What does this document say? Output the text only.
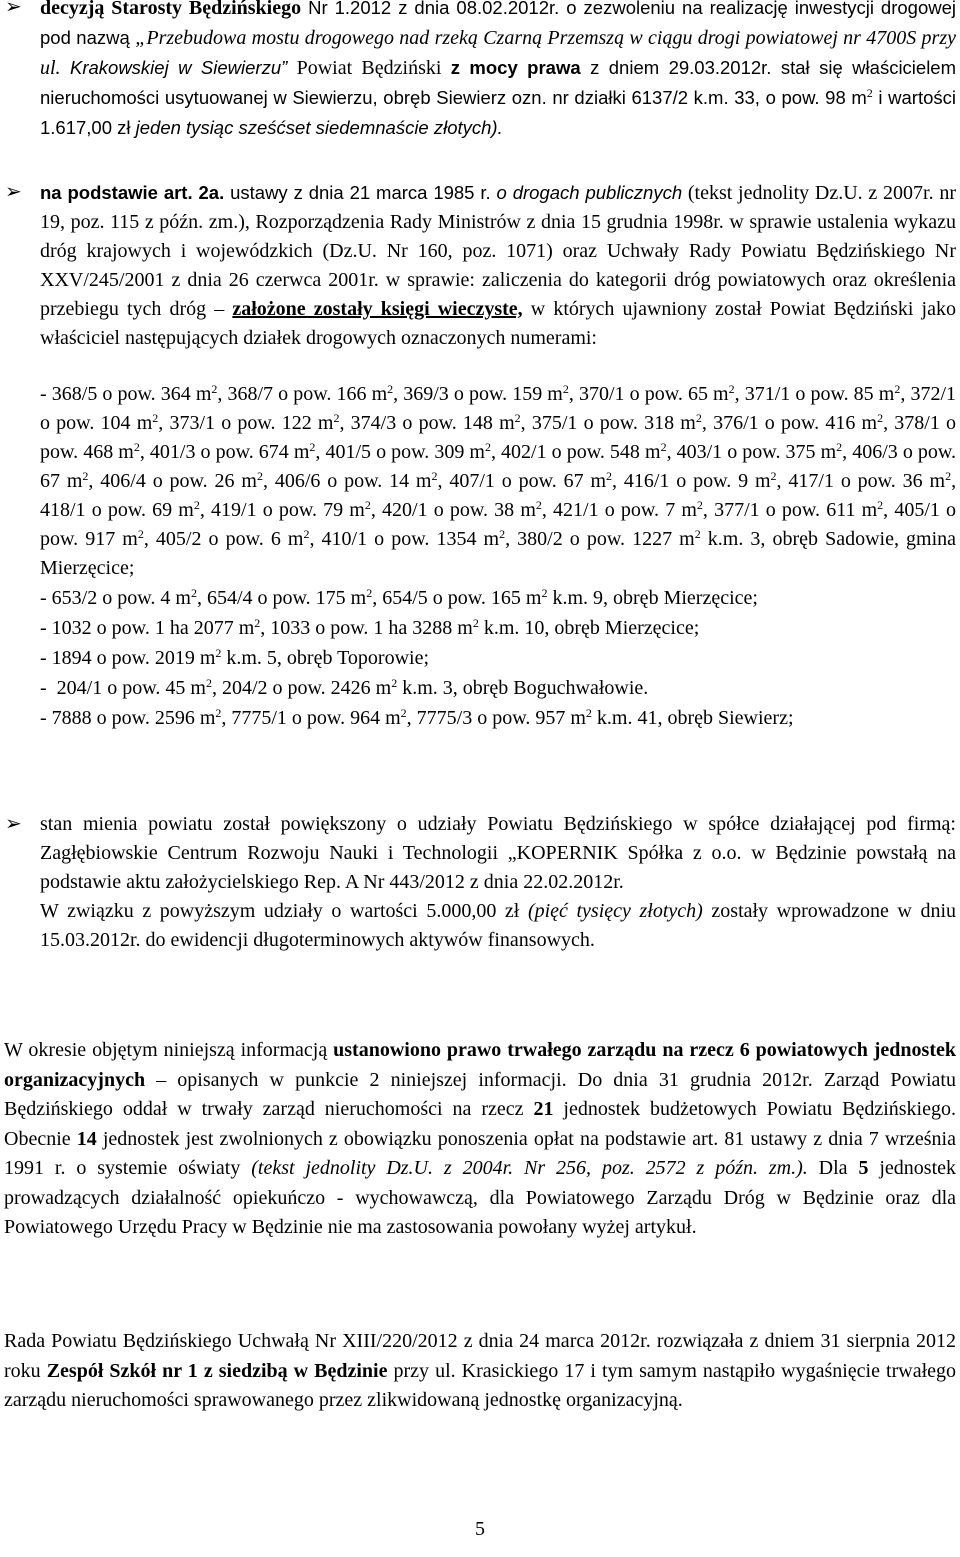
➢ decyzją Starosty Będzińskiego Nr 1.2012 z dnia 08.02.2012r. o zezwoleniu na realizację inwestycji drogowej pod nazwą „Przebudowa mostu drogowego nad rzeką Czarną Przemszą w ciągu drogi powiatowej nr 4700S przy ul. Krakowskiej w Siewierzu” Powiat Będziński z mocy prawa z dniem 29.03.2012r. stał się właścicielem nieruchomości usytuowanej w Siewierzu, obręb Siewierz ozn. nr działki 6137/2 k.m. 33, o pow. 98 $m^2$ i wartości 1.617,00 zł jeden tysiąc sześćset siedemnaście złotych).
➢ na podstawie art. 2a. ustawy z dnia 21 marca 1985 r. o drogach publicznych (tekst jednolity Dz.U. z 2007r. nr 19, poz. 115 z późn. zm.), Rozporządzenia Rady Ministrów z dnia 15 grudnia 1998r. w sprawie ustalenia wykazu dróg krajowych i wojewódzkich (Dz.U. Nr 160, poz. 1071) oraz Uchwały Rady Powiatu Będzińskiego Nr XXV/245/2001 z dnia 26 czerwca 2001r. w sprawie: zaliczenia do kategorii dróg powiatowych oraz określenia przebiegu tych dróg – założone zostały księgi wieczyste, w których ujawniony został Powiat Będziński jako właściciel następujących działek drogowych oznaczonych numerami:

- 368/5 o pow. 364 $m^2$, 368/7 o pow. 166 $m^2$, 369/3 o pow. 159 $m^2$, 370/1 o pow. 65 $m^2$, 371/1 o pow. 85 $m^2$, 372/1 o pow. 104 $m^2$, 373/1 o pow. 122 $m^2$, 374/3 o pow. 148 $m^2$, 375/1 o pow. 318 $m^2$, 376/1 o pow. 416 $m^2$, 378/1 o pow. 468 $m^2$, 401/3 o pow. 674 $m^2$, 401/5 o pow. 309 $m^2$, 402/1 o pow. 548 $m^2$, 403/1 o pow. 375 $m^2$, 406/3 o pow. 67 $m^2$, 406/4 o pow. 26 $m^2$, 406/6 o pow. 14 $m^2$, 407/1 o pow. 67 $m^2$, 416/1 o pow. 9 $m^2$, 417/1 o pow. 36 $m^2$, 418/1 o pow. 69 $m^2$, 419/1 o pow. 79 $m^2$, 420/1 o pow. 38 $m^2$, 421/1 o pow. 7 $m^2$, 377/1 o pow. 611 $m^2$, 405/1 o pow. 917 $m^2$, 405/2 o pow. 6 $m^2$, 410/1 o pow. 1354 $m^2$, 380/2 o pow. 1227 $m^2$ k.m. 3, obręb Sadowie, gmina Mierzęcice;

- 653/2 o pow. 4 $m^2$, 654/4 o pow. 175 $m^2$, 654/5 o pow. 165 $m^2$ k.m. 9, obręb Mierzęcice;

- 1032 o pow. 1 ha 2077 $m^2$, 1033 o pow. 1 ha 3288 $m^2$ k.m. 10, obręb Mierzęcice;

- 1894 o pow. 2019 $m^2$ k.m. 5, obręb Toporowie;

-  204/1 o pow. 45 $m^2$, 204/2 o pow. 2426 $m^2$ k.m. 3, obręb Boguchwałowie.

- 7888 o pow. 2596 $m^2$, 7775/1 o pow. 964 $m^2$, 7775/3 o pow. 957 $m^2$ k.m. 41, obręb Siewierz;

➢ stan mienia powiatu został powiększony o udziały Powiatu Będzińskiego w spółce działającej pod firmą: Zagłębiowskie Centrum Rozwoju Nauki i Technologii „KOPERNIK Spółka z o.o. w Będzinie powstałą na podstawie aktu założycielskiego Rep. A Nr 443/2012 z dnia 22.02.2012r.
W związku z powyższym udziały o wartości 5.000,00 zł (pięć tysięcy złotych) zostały wprowadzone w dniu 15.03.2012r. do ewidencji długoterminowych aktywów finansowych.
W okresie objętym niniejszą informacją ustanowiono prawo trwałego zarządu na rzecz 6 powiatowych jednostek organizacyjnych – opisanych w punkcie 2 niniejszej informacji. Do dnia 31 grudnia 2012r. Zarząd Powiatu Będzińskiego oddał w trwały zarząd nieruchomości na rzecz 21 jednostek budżetowych Powiatu Będzińskiego. Obecnie 14 jednostek jest zwolnionych z obowiązku ponoszenia opłat na podstawie art. 81 ustawy z dnia 7 września 1991 r. o systemie oświaty (tekst jednolity Dz.U. z 2004r. Nr 256, poz. 2572 z późn. zm.). Dla 5 jednostek prowadzących działalność opiekuńczo - wychowawczą, dla Powiatowego Zarządu Dróg w Będzinie oraz dla Powiatowego Urzędu Pracy w Będzinie nie ma zastosowania powołany wyżej artykuł.
Rada Powiatu Będzińskiego Uchwałą Nr XIII/220/2012 z dnia 24 marca 2012r. rozwiązała z dniem 31 sierpnia 2012 roku Zespół Szkół nr 1 z siedzibą w Będzinie przy ul. Krasickiego 17 i tym samym nastąpiło wygaśnięcie trwałego zarządu nieruchomości sprawowanego przez zlikwidowaną jednostkę organizacyjną.
5
